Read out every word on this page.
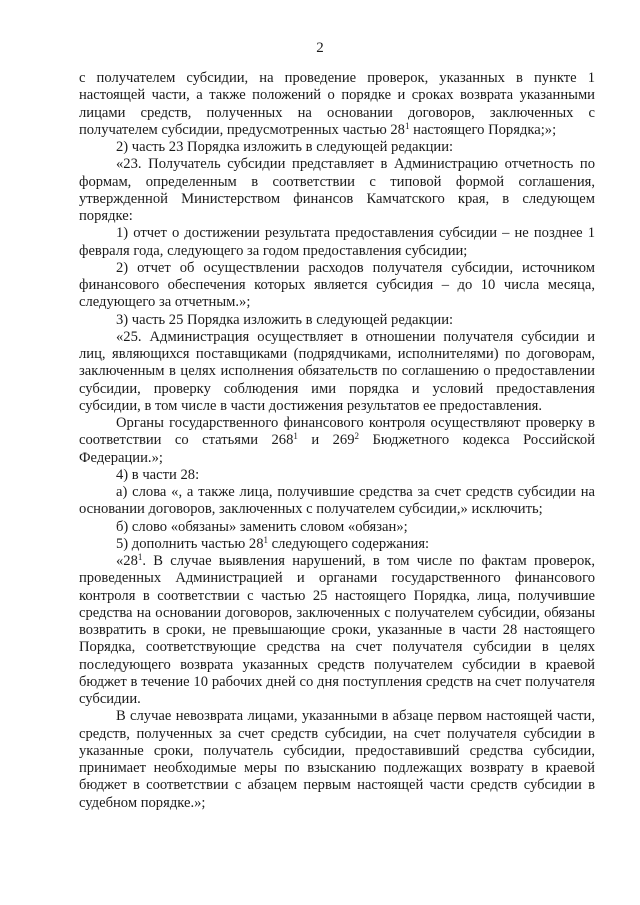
2

с получателем субсидии, на проведение проверок, указанных в пункте 1 настоящей части, а также положений о порядке и сроках возврата указанными лицами средств, полученных на основании договоров, заключенных с получателем субсидии, предусмотренных частью $28^1$ настоящего Порядка;»;

2) часть 23 Порядка изложить в следующей редакции:

«23. Получатель субсидии представляет в Администрацию отчетность по формам, определенным в соответствии с типовой формой соглашения, утвержденной Министерством финансов Камчатского края, в следующем порядке:

1) отчет о достижении результата предоставления субсидии – не позднее 1 февраля года, следующего за годом предоставления субсидии;

2) отчет об осуществлении расходов получателя субсидии, источником финансового обеспечения которых является субсидия – до 10 числа месяца, следующего за отчетным.»;

3) часть 25 Порядка изложить в следующей редакции:

«25. Администрация осуществляет в отношении получателя субсидии и лиц, являющихся поставщиками (подрядчиками, исполнителями) по договорам, заключенным в целях исполнения обязательств по соглашению о предоставлении субсидии, проверку соблюдения ими порядка и условий предоставления субсидии, в том числе в части достижения результатов ее предоставления.

Органы государственного финансового контроля осуществляют проверку в соответствии со статьями $268^1$ и $269^2$ Бюджетного кодекса Российской Федерации.»;

4) в части 28:

а) слова «, а также лица, получившие средства за счет средств субсидии на основании договоров, заключенных с получателем субсидии,» исключить;

б) слово «обязаны» заменить словом «обязан»;

5) дополнить частью $28^1$ следующего содержания:

«$28^1$. В случае выявления нарушений, в том числе по фактам проверок, проведенных Администрацией и органами государственного финансового контроля в соответствии с частью 25 настоящего Порядка, лица, получившие средства на основании договоров, заключенных с получателем субсидии, обязаны возвратить в сроки, не превышающие сроки, указанные в части 28 настоящего Порядка, соответствующие средства на счет получателя субсидии в целях последующего возврата указанных средств получателем субсидии в краевой бюджет в течение 10 рабочих дней со дня поступления средств на счет получателя субсидии.

В случае невозврата лицами, указанными в абзаце первом настоящей части, средств, полученных за счет средств субсидии, на счет получателя субсидии в указанные сроки, получатель субсидии, предоставивший средства субсидии, принимает необходимые меры по взысканию подлежащих возврату в краевой бюджет в соответствии с абзацем первым настоящей части средств субсидии в судебном порядке.»;
